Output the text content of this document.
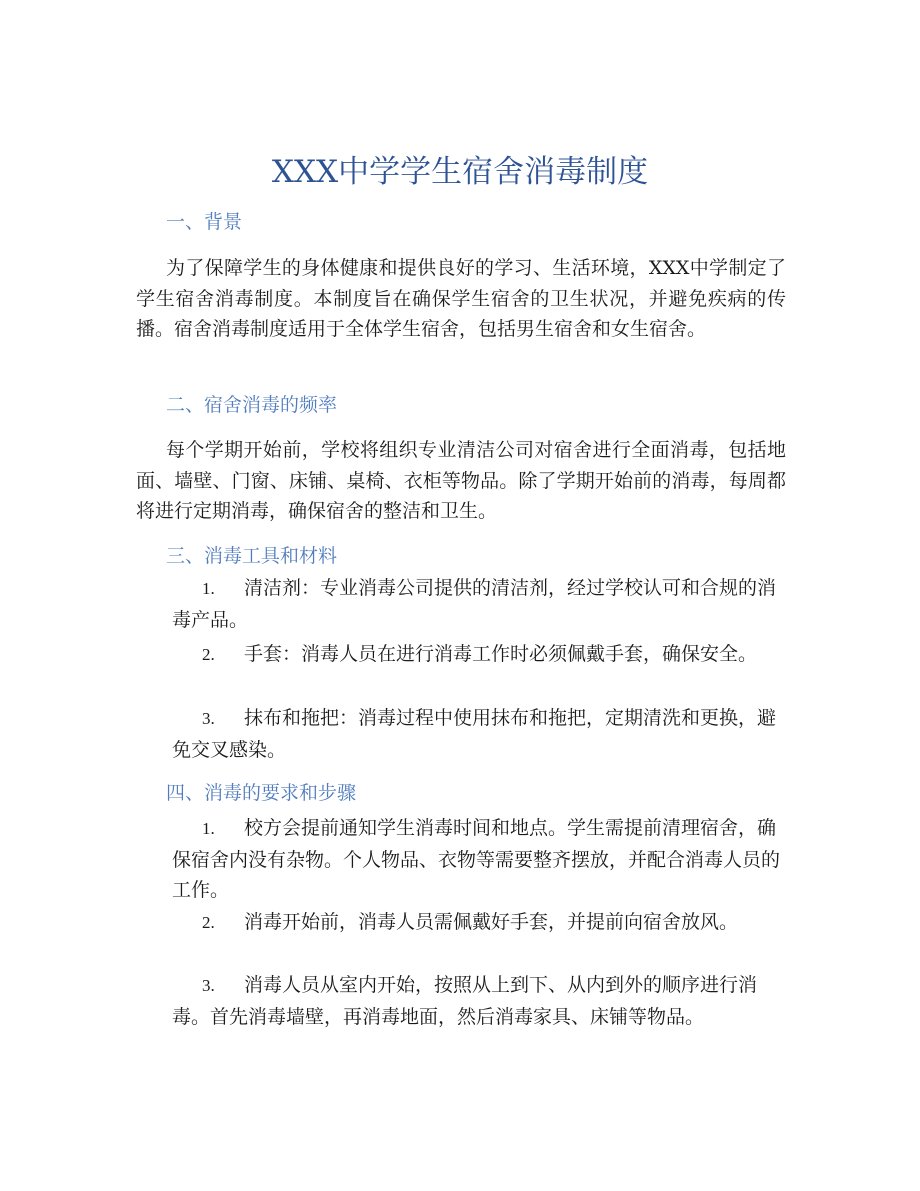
XXX中学学生宿舍消毒制度
一、背景

为了保障学生的身体健康和提供良好的学习、生活环境，XXX中学制定了学生宿舍消毒制度。本制度旨在确保学生宿舍的卫生状况，并避免疾病的传播。宿舍消毒制度适用于全体学生宿舍，包括男生宿舍和女生宿舍。

二、宿舍消毒的频率

每个学期开始前，学校将组织专业清洁公司对宿舍进行全面消毒，包括地面、墙壁、门窗、床铺、桌椅、衣柜等物品。除了学期开始前的消毒，每周都将进行定期消毒，确保宿舍的整洁和卫生。

三、消毒工具和材料
1. 清洁剂：专业消毒公司提供的清洁剂，经过学校认可和合规的消毒产品。
2. 手套：消毒人员在进行消毒工作时必须佩戴手套，确保安全。
3. 抹布和拖把：消毒过程中使用抹布和拖把，定期清洗和更换，避免交叉感染。
四、消毒的要求和步骤
1. 校方会提前通知学生消毒时间和地点。学生需提前清理宿舍，确保宿舍内没有杂物。个人物品、衣物等需要整齐摆放，并配合消毒人员的工作。
2. 消毒开始前，消毒人员需佩戴好手套，并提前向宿舍放风。
3. 消毒人员从室内开始，按照从上到下、从内到外的顺序进行消毒。首先消毒墙壁，再消毒地面，然后消毒家具、床铺等物品。
